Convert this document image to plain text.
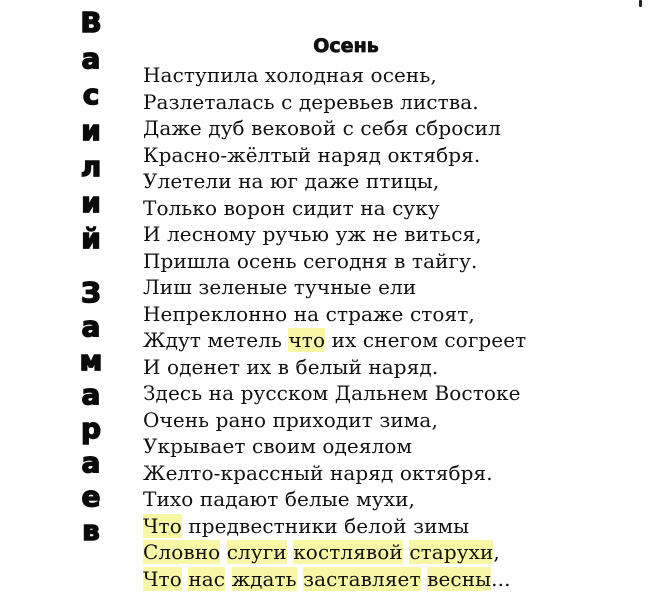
В
а
с
и
л
и
й
З
а
м
а
р
а
е
в
Осень
Наступила холодная осень,
Разлеталась с деревьев листва.
Даже дуб вековой с себя сбросил
Красно-жёлтый наряд октября.
Улетели на юг даже птицы,
Только ворон сидит на суку
И лесному ручью уж не виться,
Пришла осень сегодня в тайгу.
Лиш зеленые тучные ели
Непреклонно на страже стоят,
Ждут метель что их снегом согреет
И оденет их в белый наряд.
Здесь на русском Дальнем Востоке
Очень рано приходит зима,
Укрывает своим одеялом
Желто-крассный наряд октября.
Тихо падают белые мухи,
Что предвестники белой зимы
Словно слуги костлявой старухи,
Что нас ждать заставляет весны...
